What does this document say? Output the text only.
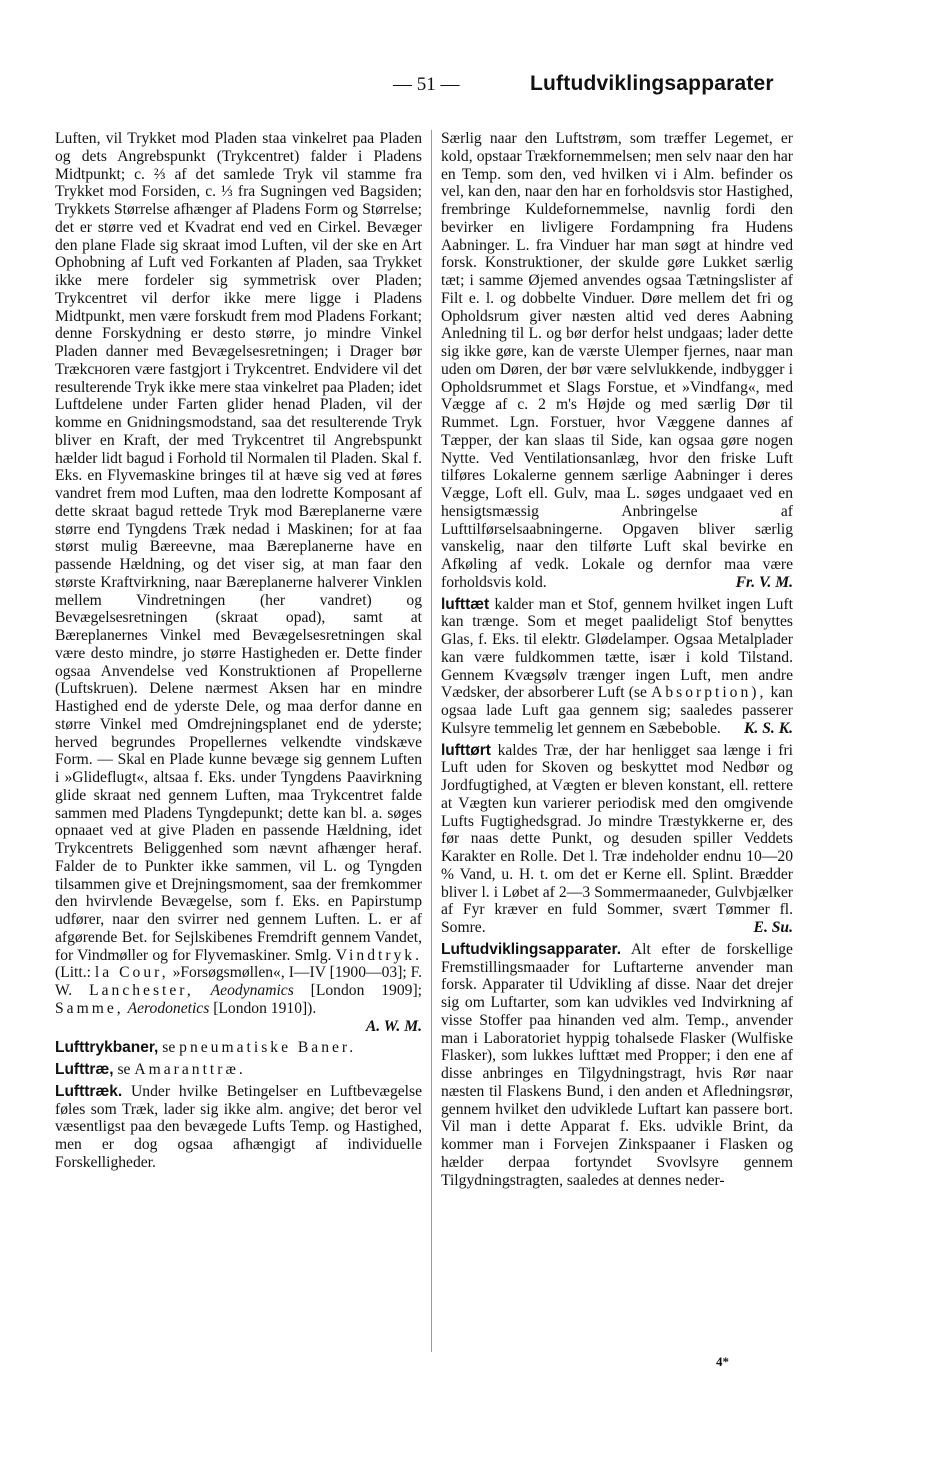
— 51 —	Luftudviklingsapparater

Luften, vil Trykket mod Pladen staa vinkelret paa Pladen og dets Angrebspunkt (Trykcentret) falder i Pladens Midtpunkt; c. ⅔ af det samlede Tryk vil stamme fra Trykket mod Forsiden, c. ⅓ fra Sugningen ved Bagsiden; Trykkets Størrelse afhænger af Pladens Form og Størrelse; det er større ved et Kvadrat end ved en Cirkel. Bevæger den plane Flade sig skraat imod Luften, vil der ske en Art Ophobning af Luft ved Forkanten af Pladen, saa Trykket ikke mere fordeler sig symmetrisk over Pladen; Trykcentret vil derfor ikke mere ligge i Pladens Midtpunkt, men være forskudt frem mod Pladens Forkant; denne Forskydning er desto større, jo mindre Vinkel Pladen danner med Bevægelsesretningen; i Drager bør Trækснoren være fastgjort i Trykcentret. Endvidere vil det resulterende Tryk ikke mere staa vinkelret paa Pladen; idet Luftdelene under Farten glider henad Pladen, vil der komme en Gnidningsmodstand, saa det resulterende Tryk bliver en Kraft, der med Trykcentret til Angrebspunkt hælder lidt bagud i Forhold til Normalen til Pladen. Skal f. Eks. en Flyvemaskine bringes til at hæve sig ved at føres vandret frem mod Luften, maa den lodrette Komposant af dette skraat bagud rettede Tryk mod Bæreplanerne være større end Tyngdens Træk nedad i Maskinen; for at faa størst mulig Bæreevne, maa Bæreplanerne have en passende Hældning, og det viser sig, at man faar den største Kraftvirkning, naar Bæreplanerne halverer Vinklen mellem Vindretningen (her vandret) og Bevægelsesretningen (skraat opad), samt at Bæreplanernes Vinkel med Bevægelsesretningen skal være desto mindre, jo større Hastigheden er. Dette finder ogsaa Anvendelse ved Konstruktionen af Propellerne (Luftskruen). Delene nærmest Aksen har en mindre Hastighed end de yderste Dele, og maa derfor danne en større Vinkel med Omdrejningsplanet end de yderste; herved begrundes Propellernes velkendte vindskæve Form. — Skal en Plade kunne bevæge sig gennem Luften i »Glideflugt«, altsaa f. Eks. under Tyngdens Paavirkning glide skraat ned gennem Luften, maa Trykcentret falde sammen med Pladens Tyngdepunkt; dette kan bl. a. søges opnaaet ved at give Pladen en passende Hældning, idet Trykcentrets Beliggenhed som nævnt afhænger heraf. Falder de to Punkter ikke sammen, vil L. og Tyngden tilsammen give et Drejningsmoment, saa der fremkommer den hvirvlende Bevægelse, som f. Eks. en Papirstump udfører, naar den svirrer ned gennem Luften. L. er af afgørende Bet. for Sejlskibenes Fremdrift gennem Vandet, for Vindmøller og for Flyvemaskiner. Smlg. Vindtryk. (Litt.: la Cour, »Forsøgsmøllen«, I—IV [1900—03]; F. W. Lanchester, Aeodynamics [London 1909]; Samme, Aerodonetics [London 1910]).
A. W. M.

Lufttrykbaner, se pneumatiske Baner.

Lufttræ, se Amaranttræ.

Lufttræk. Under hvilke Betingelser en Luftbevægelse føles som Træk, lader sig ikke alm. angive; det beror vel væsentligst paa den bevægede Lufts Temp. og Hastighed, men er dog ogsaa afhængigt af individuelle Forskelligheder.

Særlig naar den Luftstrøm, som træffer Legemet, er kold, opstaar Trækfornemmelsen; men selv naar den har en Temp. som den, ved hvilken vi i Alm. befinder os vel, kan den, naar den har en forholdsvis stor Hastighed, frembringe Kuldefornemmelse, navnlig fordi den bevirker en livligere Fordampning fra Hudens Aabninger. L. fra Vinduer har man søgt at hindre ved forsk. Konstruktioner, der skulde gøre Lukket særlig tæt; i samme Øjemed anvendes ogsaa Tætningslister af Filt e. l. og dobbelte Vinduer. Døre mellem det fri og Opholdsrum giver næsten altid ved deres Aabning Anledning til L. og bør derfor helst undgaas; lader dette sig ikke gøre, kan de værste Ulemper fjernes, naar man uden om Døren, der bør være selvlukkende, indbygger i Opholdsrummet et Slags Forstue, et »Vindfang«, med Vægge af c. 2 m's Højde og med særlig Dør til Rummet. Lgn. Forstuer, hvor Væggene dannes af Tæpper, der kan slaas til Side, kan ogsaa gøre nogen Nytte. Ved Ventilationsanlæg, hvor den friske Luft tilføres Lokalerne gennem særlige Aabninger i deres Vægge, Loft ell. Gulv, maa L. søges undgaaet ved en hensigtsmæssig Anbringelse af Lufttilførselsaabningerne. Opgaven bliver særlig vanskelig, naar den tilførte Luft skal bevirke en Afkøling af vedk. Lokale og dernfor maa være forholdsvis kold.	Fr. V. M.

lufttæt kalder man et Stof, gennem hvilket ingen Luft kan trænge. Som et meget paalideligt Stof benyttes Glas, f. Eks. til elektr. Glødelamper. Ogsaa Metalplader kan være fuldkommen tætte, især i kold Tilstand. Gennem Kvægsølv trænger ingen Luft, men andre Vædsker, der absorberer Luft (se Absorption), kan ogsaa lade Luft gaa gennem sig; saaledes passerer Kulsyre temmelig let gennem en Sæbeboble. K. S. K.

lufttørt kaldes Træ, der har henligget saa længe i fri Luft uden for Skoven og beskyttet mod Nedbør og Jordfugtighed, at Vægten er bleven konstant, ell. rettere at Vægten kun varierer periodisk med den omgivende Lufts Fugtighedsgrad. Jo mindre Træstykkerne er, des før naas dette Punkt, og desuden spiller Veddets Karakter en Rolle. Det l. Træ indeholder endnu 10—20 % Vand, u. H. t. om det er Kerne ell. Splint. Brædder bliver l. i Løbet af 2—3 Sommermaaneder, Gulvbjælker af Fyr kræver en fuld Sommer, svært Tømmer fl. Somre.	E. Su.

Luftudviklingsapparater. Alt efter de forskellige Fremstillingsmaader for Luftarterne anvender man forsk. Apparater til Udvikling af disse. Naar det drejer sig om Luftarter, som kan udvikles ved Indvirkning af visse Stoffer paa hinanden ved alm. Temp., anvender man i Laboratoriet hyppig tohalsede Flasker (Wulfiske Flasker), som lukkes lufttæt med Propper; i den ene af disse anbringes en Tilgydningstragt, hvis Rør naar næsten til Flaskens Bund, i den anden et Afledningsrør, gennem hvilket den udviklede Luftart kan passere bort. Vil man i dette Apparat f. Eks. udvikle Brint, da kommer man i Forvejen Zinkspaaner i Flasken og hælder derpaa fortyndet Svovlsyre gennem Tilgydningstragten, saaledes at dennes neder-

4*
